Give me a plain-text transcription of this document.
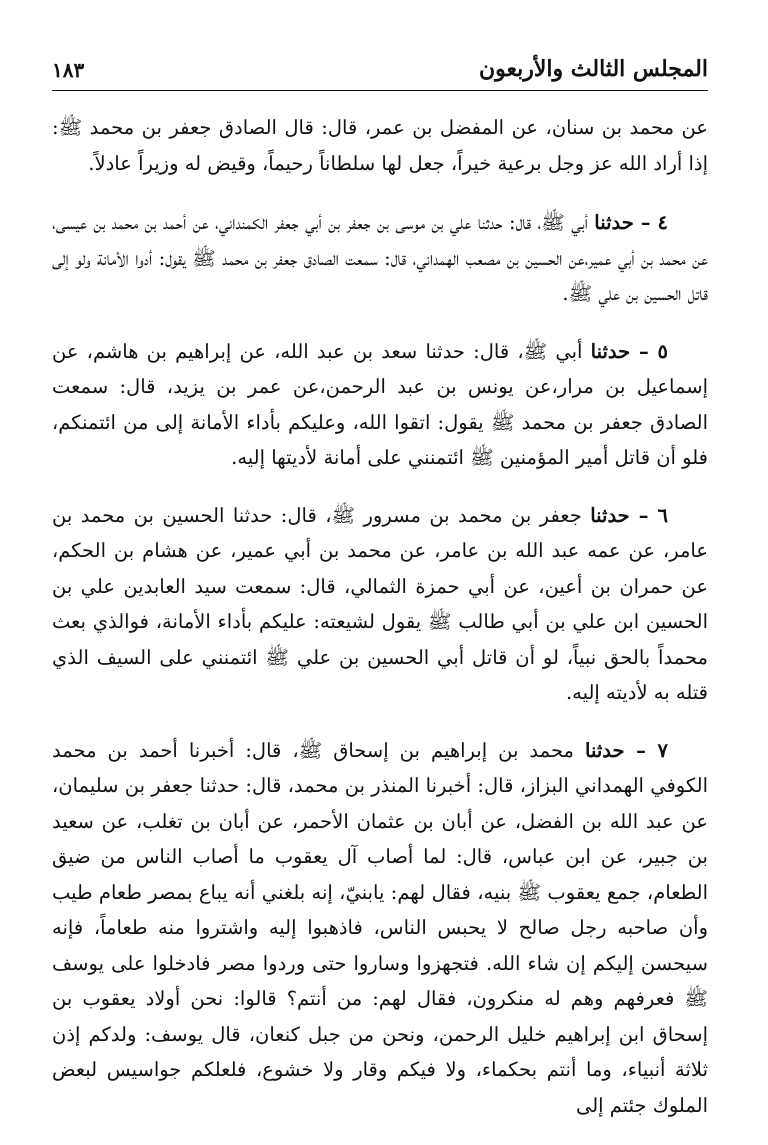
المجلس الثالث والأربعون
١٨٣

عن محمد بن سنان، عن المفضل بن عمر، قال: قال الصادق جعفر بن محمد ﷺ: إذا أراد الله عز وجل برعية خيراً، جعل لها سلطاناً رحيماً، وقيض له وزيراً عادلاً.

٤ – حدثنا أبي ﷺ، قال: حدثنا علي بن موسى بن جعفر بن أبي جعفر الكمنداني، عن أحمد بن محمد بن عيسى، عن محمد بن أبي عمير،عن الحسين بن مصعب الهمداني، قال: سمعت الصادق جعفر بن محمد ﷺ يقول: أدوا الأمانة ولو إلى قاتل الحسين بن علي ﷺ.

٥ – حدثنا أبي ﷺ، قال: حدثنا سعد بن عبد الله، عن إبراهيم بن هاشم، عن إسماعيل بن مرار،عن يونس بن عبد الرحمن،عن عمر بن يزيد، قال: سمعت الصادق جعفر بن محمد ﷺ يقول: اتقوا الله، وعليكم بأداء الأمانة إلى من ائتمنكم، فلو أن قاتل أمير المؤمنين ﷺ ائتمنني على أمانة لأديتها إليه.

٦ – حدثنا جعفر بن محمد بن مسرور ﷺ، قال: حدثنا الحسين بن محمد بن عامر، عن عمه عبد الله بن عامر، عن محمد بن أبي عمير، عن هشام بن الحكم، عن حمران بن أعين، عن أبي حمزة الثمالي، قال: سمعت سيد العابدين علي بن الحسين ابن علي بن أبي طالب ﷺ يقول لشيعته: عليكم بأداء الأمانة، فوالذي بعث محمداً بالحق نبياً، لو أن قاتل أبي الحسين بن علي ﷺ ائتمنني على السيف الذي قتله به لأديته إليه.

٧ – حدثنا محمد بن إبراهيم بن إسحاق ﷺ، قال: أخبرنا أحمد بن محمد الكوفي الهمداني البزاز، قال: أخبرنا المنذر بن محمد، قال: حدثنا جعفر بن سليمان، عن عبد الله بن الفضل، عن أبان بن عثمان الأحمر، عن أبان بن تغلب، عن سعيد بن جبير، عن ابن عباس، قال: لما أصاب آل يعقوب ما أصاب الناس من ضيق الطعام، جمع يعقوب ﷺ بنيه، فقال لهم: يابنيّ، إنه بلغني أنه يباع بمصر طعام طيب وأن صاحبه رجل صالح لا يحبس الناس، فاذهبوا إليه واشتروا منه طعاماً، فإنه سيحسن إليكم إن شاء الله. فتجهزوا وساروا حتى وردوا مصر فادخلوا على يوسف ﷺ فعرفهم وهم له منكرون، فقال لهم: من أنتم؟ قالوا: نحن أولاد يعقوب بن إسحاق ابن إبراهيم خليل الرحمن، ونحن من جبل كنعان، قال يوسف: ولدكم إذن ثلاثة أنبياء، وما أنتم بحكماء، ولا فيكم وقار ولا خشوع، فلعلكم جواسيس لبعض الملوك جئتم إلى
